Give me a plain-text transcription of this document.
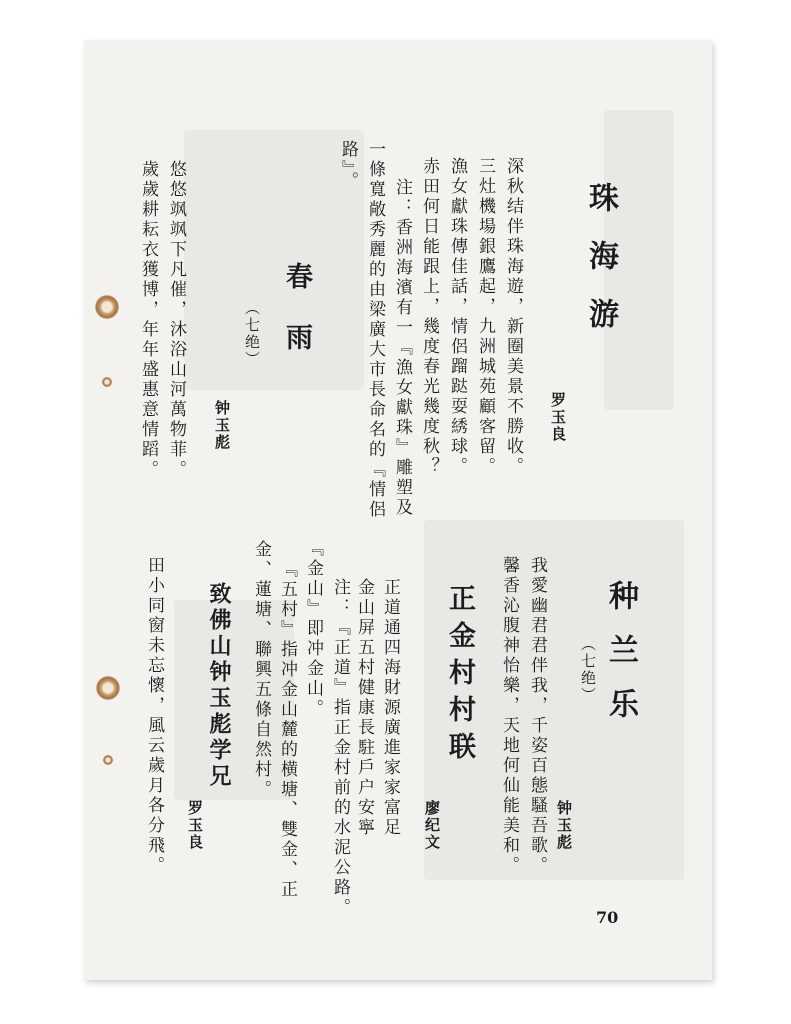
珠海游
罗玉良
深秋结伴珠海遊，新圈美景不勝收。
三灶機場銀鷹起，九洲城苑顧客留。
漁女獻珠傳佳話，情侶蹓跶耍綉球。
赤田何日能跟上，幾度春光幾度秋？
注：香洲海濱有一『漁女獻珠』雕塑及
一條寬敞秀麗的由梁廣大市長命名的『情侶
路』。
春雨
（七绝）
钟玉彪
悠悠飒飒下凡催，沐浴山河萬物菲。
歲歲耕耘衣獲博，年年盛惠意情蹈。
种兰乐
（七绝）
钟玉彪
我愛幽君君伴我，千姿百態騷吾歌。
馨香沁腹神怡樂，天地何仙能美和。
正金村村联
廖纪文
正道通四海財源廣進家家富足
金山屏五村健康長駐戶户安寧
注：『正道』指正金村前的水泥公路。
『金山』即冲金山。
『五村』指冲金山麓的横塘、雙金、正
金、蓮塘、聯興五條自然村。
致佛山钟玉彪学兄
罗玉良
田小同窗未忘懷，風云歲月各分飛。
70
